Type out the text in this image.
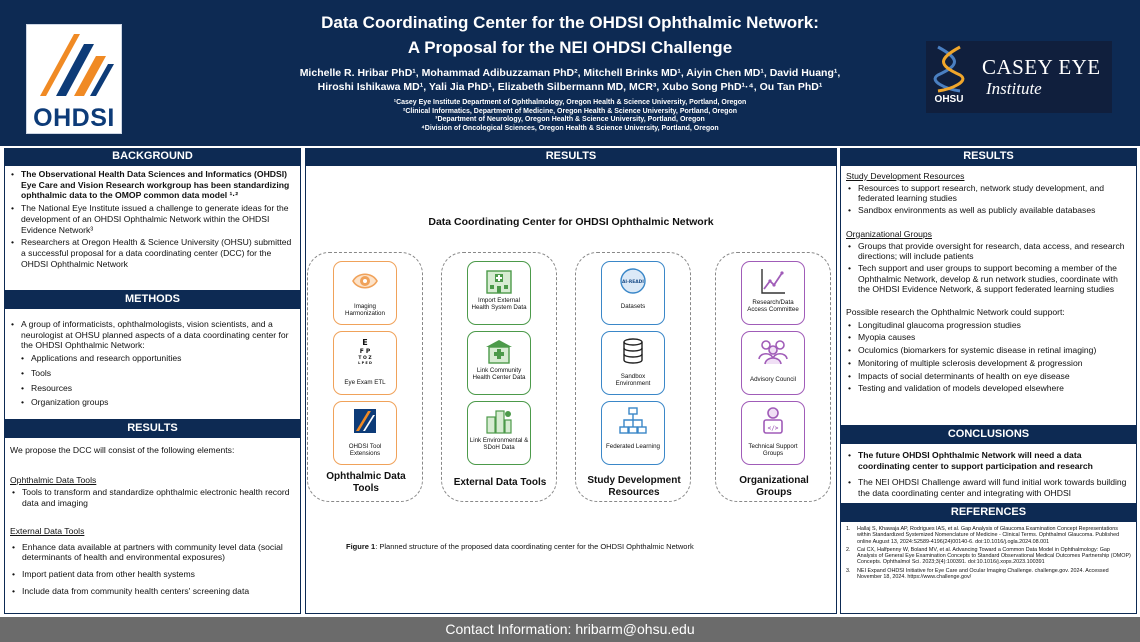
OHDSI
Data Coordinating Center for the OHDSI Ophthalmic Network:
A Proposal for the NEI OHDSI Challenge
Michelle R. Hribar PhD¹, Mohammad Adibuzzaman PhD², Mitchell Brinks MD¹, Aiyin Chen MD¹, David Huang¹,
Hiroshi Ishikawa MD¹, Yali Jia PhD¹, Elizabeth Silbermann MD, MCR³, Xubo Song PhD¹·⁴, Ou Tan PhD¹
¹Casey Eye Institute Department of Ophthalmology, Oregon Health & Science University, Portland, Oregon
²Clinical Informatics, Department of Medicine, Oregon Health & Science University, Portland, Oregon
³Department of Neurology, Oregon Health & Science University, Portland, Oregon
⁴Division of Oncological Sciences, Oregon Health & Science University, Portland, Oregon
OHSU
CASEY EYE
Institute
BACKGROUND
• The Observational Health Data Sciences and Informatics (OHDSI) Eye Care and Vision Research workgroup has been standardizing ophthalmic data to the OMOP common data model ¹·²
• The National Eye Institute issued a challenge to generate ideas for the development of an OHDSI Ophthalmic Network within the OHDSI Evidence Network³
• Researchers at Oregon Health & Science University (OHSU) submitted a successful proposal for a data coordinating center (DCC) for the OHDSI Ophthalmic Network
METHODS
• A group of informaticists, ophthalmologists, vision scientists, and a neurologist at OHSU planned aspects of a data coordinating center for the OHDSI Ophthalmic Network:
• Applications and research opportunities
• Tools
• Resources
• Organization groups
RESULTS
We propose the DCC will consist of the following elements:
Ophthalmic Data Tools
• Tools to transform and standardize ophthalmic electronic health record data and imaging
External Data Tools
• Enhance data available at partners with community level data (social determinants of health and environmental exposures)
• Import patient data from other health systems
• Include data from community health centers' screening data
RESULTS
Data Coordinating Center for OHDSI Ophthalmic Network
Imaging Harmonization
E
F P
T O Z
L P E D
Eye Exam ETL
OHDSI Tool Extensions
Ophthalmic Data
Tools
Import External Health System Data
Link Community Health Center Data
Link Environmental & SDoH Data
External Data Tools
AI-READI
Datasets
Sandbox Environment
Federated Learning
Study Development
Resources
Research/Data Access Committee
Advisory Council
</>
Technical Support Groups
Organizational
Groups
Figure 1: Planned structure of the proposed data coordinating center for the OHDSI Ophthalmic Network
RESULTS
Study Development Resources
• Resources to support research, network study development, and federated learning studies
• Sandbox environments as well as publicly available databases
Organizational Groups
• Groups that provide oversight for research, data access, and research directions; will include patients
• Tech support and user groups to support becoming a member of the Ophthalmic Network, develop & run network studies, coordinate with the OHDSI Evidence Network, & support federated learning studies
Possible research the Ophthalmic Network could support:
• Longitudinal glaucoma progression studies
• Myopia causes
• Oculomics (biomarkers for systemic disease in retinal imaging)
• Monitoring of multiple sclerosis development & progression
• Impacts of social determinants of health on eye disease
• Testing and validation of models developed elsewhere
CONCLUSIONS
• The future OHDSI Ophthalmic Network will need a data coordinating center to support participation and research
• The NEI OHDSI Challenge award will fund initial work towards building the data coordinating center and integrating with OHDSI
REFERENCES
1. Hallaj S, Khawaja AP, Rodrigues IAS, et al. Gap Analysis of Glaucoma Examination Concept Representations within Standardized Systemized Nomenclature of Medicine - Clinical Terms. Ophthalmol Glaucoma. Published online August 13, 2024:S2589-4196(24)00140-6. doi:10.1016/j.ogla.2024.08.001
2. Cai CX, Halfpenny W, Boland MV, et al. Advancing Toward a Common Data Model in Ophthalmology: Gap Analysis of General Eye Examination Concepts to Standard Observational Medical Outcomes Partnership (OMOP) Concepts. Ophthalmol Sci. 2023;3(4):100391. doi:10.1016/j.xops.2023.100391
3. NEI Expand OHDSI Initiative for Eye Care and Ocular Imaging Challenge. challenge.gov. 2024. Accessed November 18, 2024. https://www.challenge.gov/
Contact Information: hribarm@ohsu.edu
